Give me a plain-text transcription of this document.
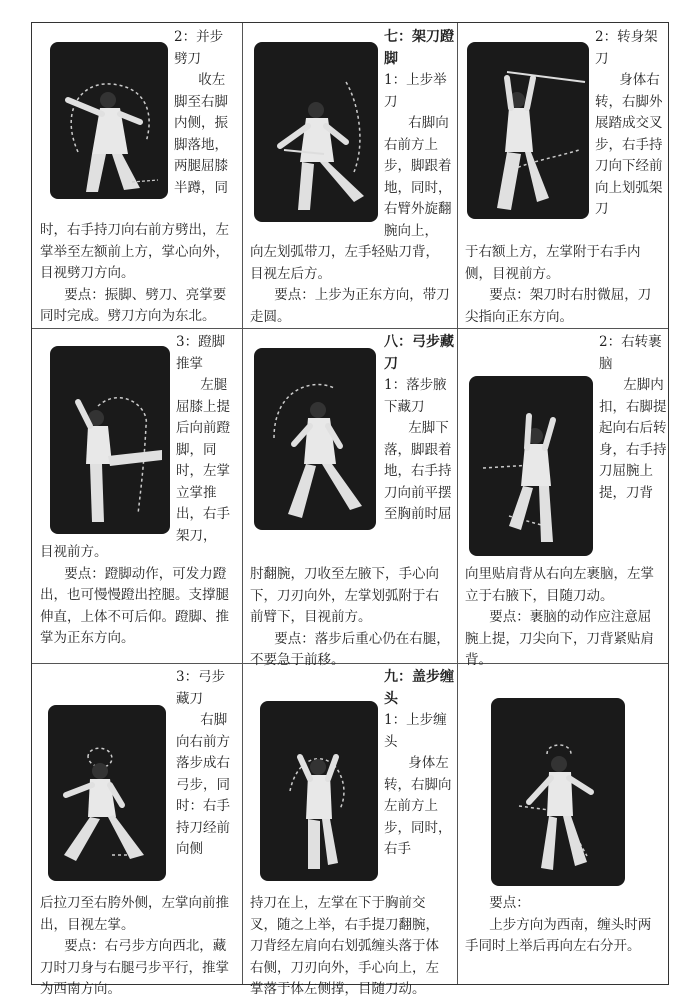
2：并步劈刀
收左脚至右脚内侧，振脚落地，两腿屈膝半蹲，同

时，右手持刀向右前方劈出，左掌举至左额前上方，掌心向外，目视劈刀方向。

要点：振脚、劈刀、亮掌要同时完成。劈刀方向为东北。

七：架刀蹬脚
1：上步举刀
右脚向右前方上步，脚跟着地，同时，右臂外旋翻腕向上，

向左划弧带刀，左手轻贴刀背，目视左后方。

要点：上步为正东方向，带刀走圆。

2：转身架刀
身体右转，右脚外展踏成交叉步，右手持刀向下经前向上划弧架刀

于右额上方，左掌附于右手内侧，目视前方。

要点：架刀时右肘微屈，刀尖指向正东方向。

3：蹬脚推掌
左腿屈膝上提后向前蹬脚，同时，左掌立掌推出，右手架刀，

目视前方。

要点：蹬脚动作，可发力蹬出，也可慢慢蹬出控腿。支撑腿伸直，上体不可后仰。蹬脚、推掌为正东方向。

八：弓步藏刀
1：落步腋下藏刀
左脚下落，脚跟着地，右手持刀向前平摆至胸前时屈

肘翻腕，刀收至左腋下，手心向下，刀刃向外，左掌划弧附于右前臂下，目视前方。

要点：落步后重心仍在右腿，不要急于前移。

2：右转裹脑
左脚内扣，右脚提起向右后转身，右手持刀屈腕上提，刀背

向里贴肩背从右向左裹脑，左掌立于右腋下，目随刀动。

要点：裹脑的动作应注意屈腕上提，刀尖向下，刀背紧贴肩背。

3：弓步藏刀
右脚向右前方落步成右弓步，同时：右手持刀经前向侧

后拉刀至右胯外侧，左掌向前推出，目视左掌。

要点：右弓步方向西北，藏刀时刀身与右腿弓步平行，推掌为西南方向。

九：盖步缠头
1：上步缠头
身体左转，右脚向左前方上步，同时，右手

持刀在上，左掌在下于胸前交叉，随之上举，右手提刀翻腕，刀背经左肩向右划弧缠头落于体右侧，刀刃向外，手心向上，左掌落于体左侧撑，目随刀动。

要点：

上步方向为西南，缠头时两手同时上举后再向左右分开。
